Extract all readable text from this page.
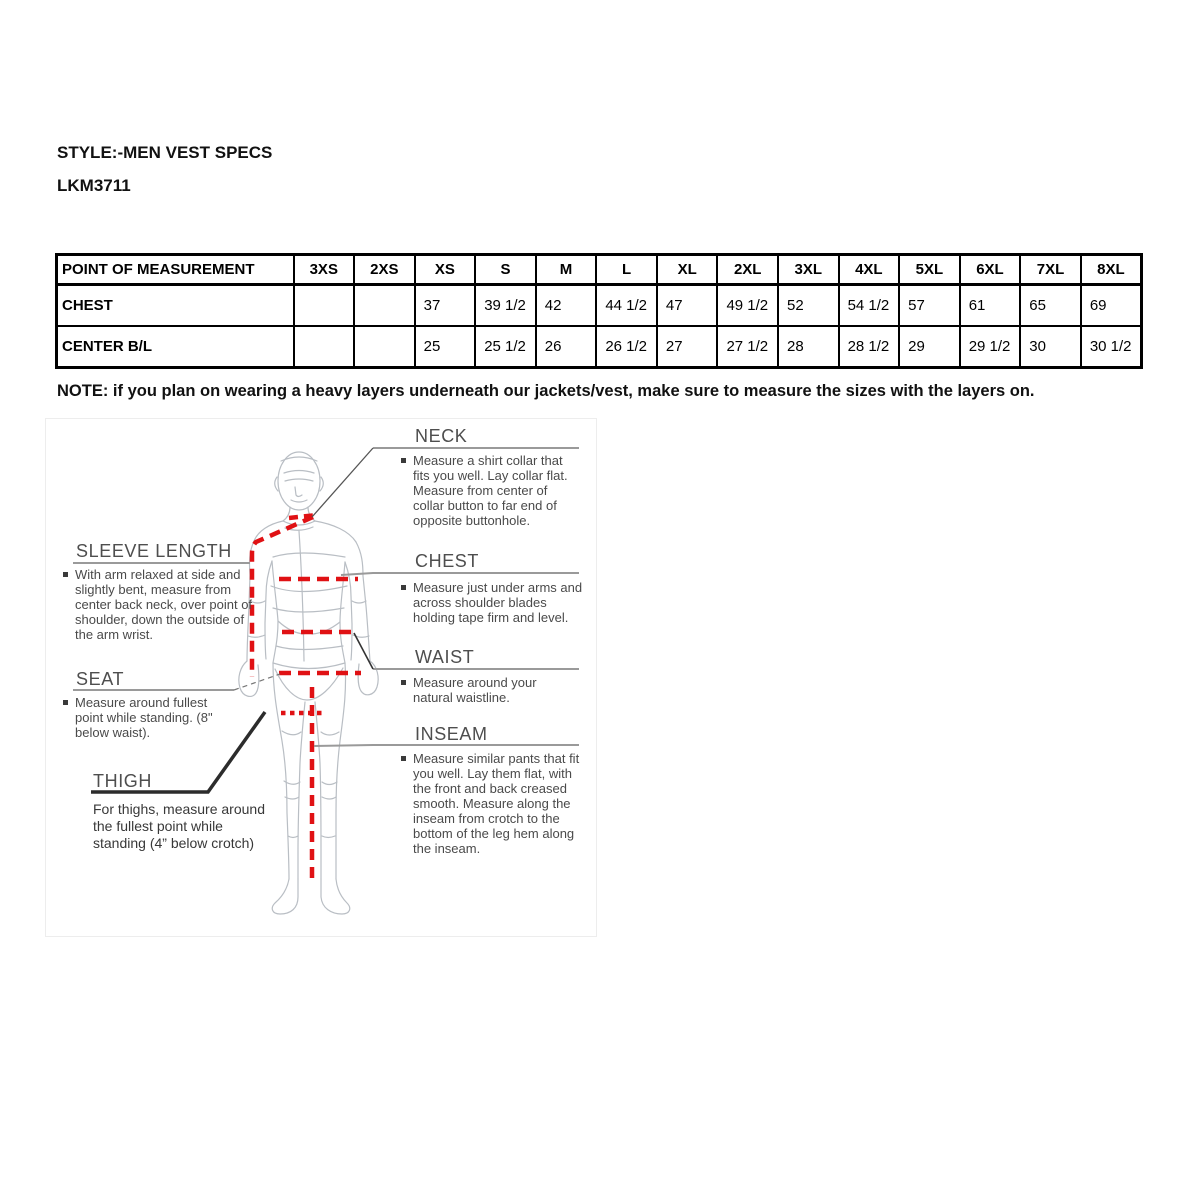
STYLE:-MEN VEST SPECS
LKM3711
POINT OF MEASUREMENT	3XS	2XS	XS	S	M	L	XL	2XL	3XL	4XL	5XL	6XL	7XL	8XL
CHEST			37	39 1/2	42	44 1/2	47	49 1/2	52	54 1/2	57	61	65	69
CENTER B/L			25	25 1/2	26	26 1/2	27	27 1/2	28	28 1/2	29	29 1/2	30	30 1/2
NOTE: if you plan on wearing a heavy layers underneath our jackets/vest, make sure to measure the sizes with the layers on.
NECK
Measure a shirt collar that fits you well. Lay collar flat. Measure from center of collar button to far end of opposite buttonhole.
CHEST
Measure just under arms and across shoulder blades holding tape firm and level.
WAIST
Measure around your natural waistline.
INSEAM
Measure similar pants that fit you well. Lay them flat, with the front and back creased smooth. Measure along the inseam from crotch to the bottom of the leg hem along the inseam.
SLEEVE LENGTH
With arm relaxed at side and slightly bent, measure from center back neck, over point of shoulder, down the outside of the arm wrist.
SEAT
Measure around fullest point while standing. (8" below waist).
THIGH
For thighs, measure around the fullest point while standing (4” below crotch)
